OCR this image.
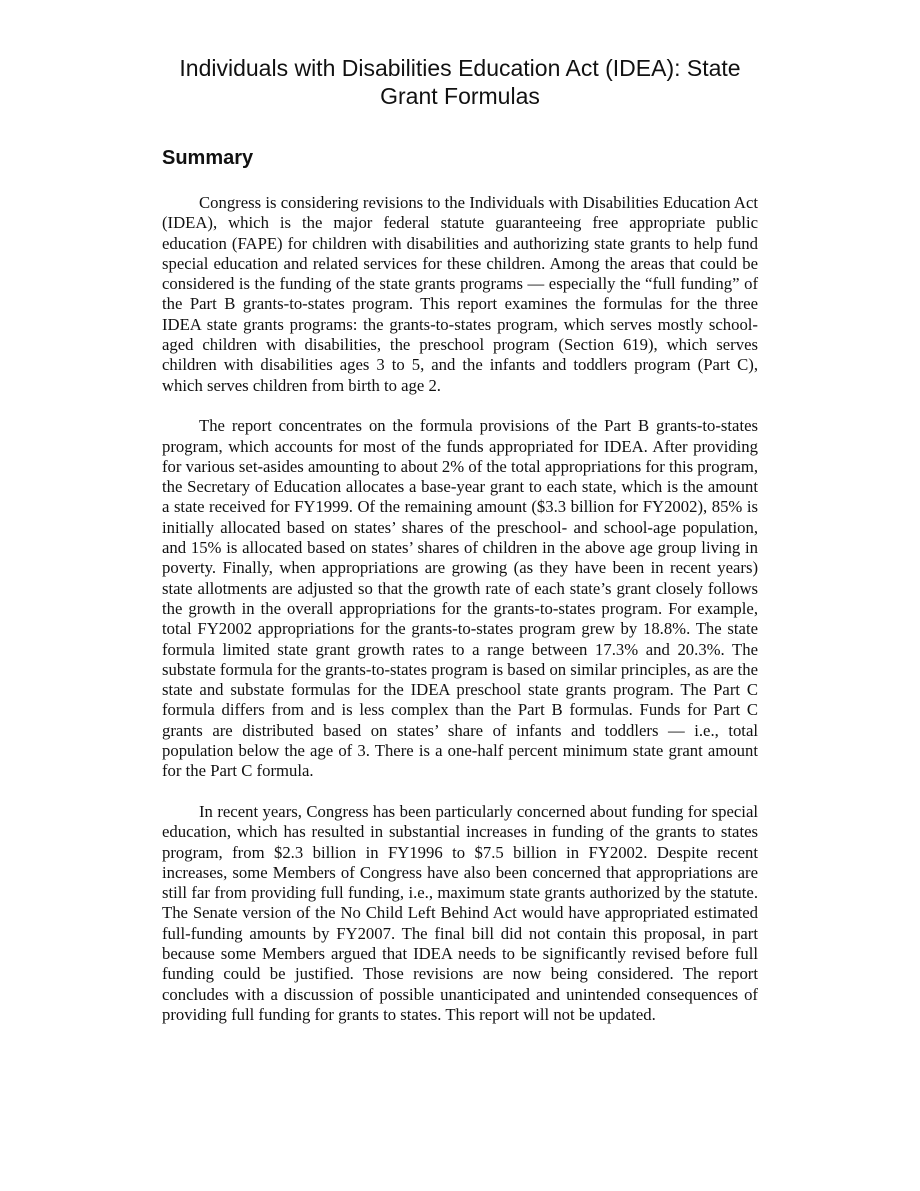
Individuals with Disabilities Education Act (IDEA): State Grant Formulas
Summary

Congress is considering revisions to the Individuals with Disabilities Education Act (IDEA), which is the major federal statute guaranteeing free appropriate public education (FAPE) for children with disabilities and authorizing state grants to help fund special education and related services for these children. Among the areas that could be considered is the funding of the state grants programs — especially the “full funding” of the Part B grants-to-states program. This report examines the formulas for the three IDEA state grants programs: the grants-to-states program, which serves mostly school-aged children with disabilities, the preschool program (Section 619), which serves children with disabilities ages 3 to 5, and the infants and toddlers program (Part C), which serves children from birth to age 2.

The report concentrates on the formula provisions of the Part B grants-to-states program, which accounts for most of the funds appropriated for IDEA. After providing for various set-asides amounting to about 2% of the total appropriations for this program, the Secretary of Education allocates a base-year grant to each state, which is the amount a state received for FY1999. Of the remaining amount ($3.3 billion for FY2002), 85% is initially allocated based on states’ shares of the preschool- and school-age population, and 15% is allocated based on states’ shares of children in the above age group living in poverty. Finally, when appropriations are growing (as they have been in recent years) state allotments are adjusted so that the growth rate of each state’s grant closely follows the growth in the overall appropriations for the grants-to-states program. For example, total FY2002 appropriations for the grants-to-states program grew by 18.8%. The state formula limited state grant growth rates to a range between 17.3% and 20.3%. The substate formula for the grants-to-states program is based on similar principles, as are the state and substate formulas for the IDEA preschool state grants program. The Part C formula differs from and is less complex than the Part B formulas. Funds for Part C grants are distributed based on states’ share of infants and toddlers — i.e., total population below the age of 3. There is a one-half percent minimum state grant amount for the Part C formula.

In recent years, Congress has been particularly concerned about funding for special education, which has resulted in substantial increases in funding of the grants to states program, from $2.3 billion in FY1996 to $7.5 billion in FY2002. Despite recent increases, some Members of Congress have also been concerned that appropriations are still far from providing full funding, i.e., maximum state grants authorized by the statute. The Senate version of the No Child Left Behind Act would have appropriated estimated full-funding amounts by FY2007. The final bill did not contain this proposal, in part because some Members argued that IDEA needs to be significantly revised before full funding could be justified. Those revisions are now being considered. The report concludes with a discussion of possible unanticipated and unintended consequences of providing full funding for grants to states. This report will not be updated.
